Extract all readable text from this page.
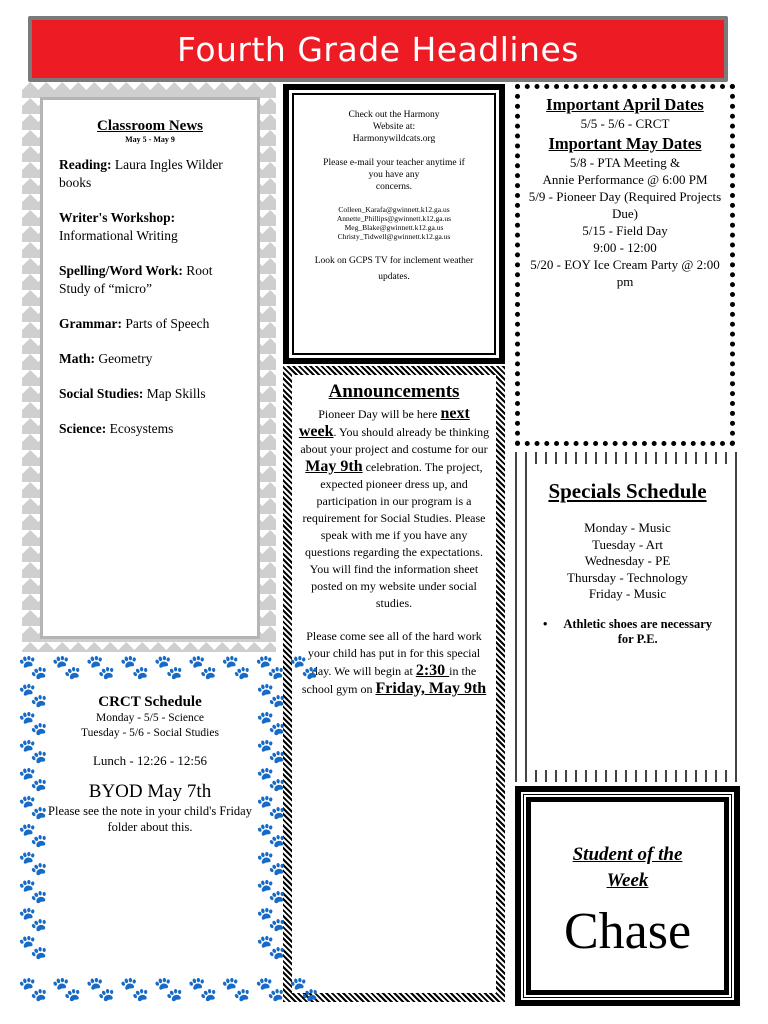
Fourth Grade Headlines
Classroom News
May 5 - May 9
Reading: Laura Ingles Wilder books
Writer's Workshop: Informational Writing
Spelling/Word Work: Root Study of “micro”
Grammar: Parts of Speech
Math: Geometry
Social Studies: Map Skills
Science: Ecosystems
Check out the Harmony
Website at:
Harmonywildcats.org
Please e-mail your teacher anytime if
you have any
concerns.
Colleen_Karafa@gwinnett.k12.ga.us
Annette_Phillips@gwinnett.k12.ga.us
Meg_Blake@gwinnett.k12.ga.us
Christy_Tidwell@gwinnett.k12.ga.us
Look on GCPS TV for inclement weather updates.
Announcements
Pioneer Day will be here next week. You should already be thinking about your project and costume for our May 9th celebration. The project, expected pioneer dress up, and participation in our program is a requirement for Social Studies. Please speak with me if you have any questions regarding the expectations. You will find the information sheet posted on my website under social studies.
Please come see all of the hard work your child has put in for this special day. We will begin at 2:30 in the school gym on Friday, May 9th
Important April Dates
5/5 - 5/6 - CRCT
Important May Dates
5/8 - PTA Meeting &
Annie Performance @ 6:00 PM
5/9 - Pioneer Day (Required Projects Due)
5/15 - Field Day
9:00 - 12:00
5/20 - EOY Ice Cream Party @ 2:00 pm
Specials Schedule
Monday - Music
Tuesday - Art
Wednesday - PE
Thursday - Technology
Friday - Music
•	Athletic shoes are necessary for P.E.
Student of the Week
Chase
🐾 🐾 🐾 🐾 🐾 🐾 🐾 🐾 🐾
🐾 🐾 🐾 🐾 🐾 🐾 🐾 🐾 🐾
🐾
🐾
🐾
🐾
🐾
🐾
🐾
🐾
🐾
🐾
🐾
🐾
🐾
🐾
🐾
🐾
🐾
🐾
🐾
🐾
CRCT Schedule
Monday - 5/5 - Science
Tuesday - 5/6 - Social Studies
Lunch - 12:26 - 12:56
BYOD May 7th
Please see the note in your child's Friday folder about this.
